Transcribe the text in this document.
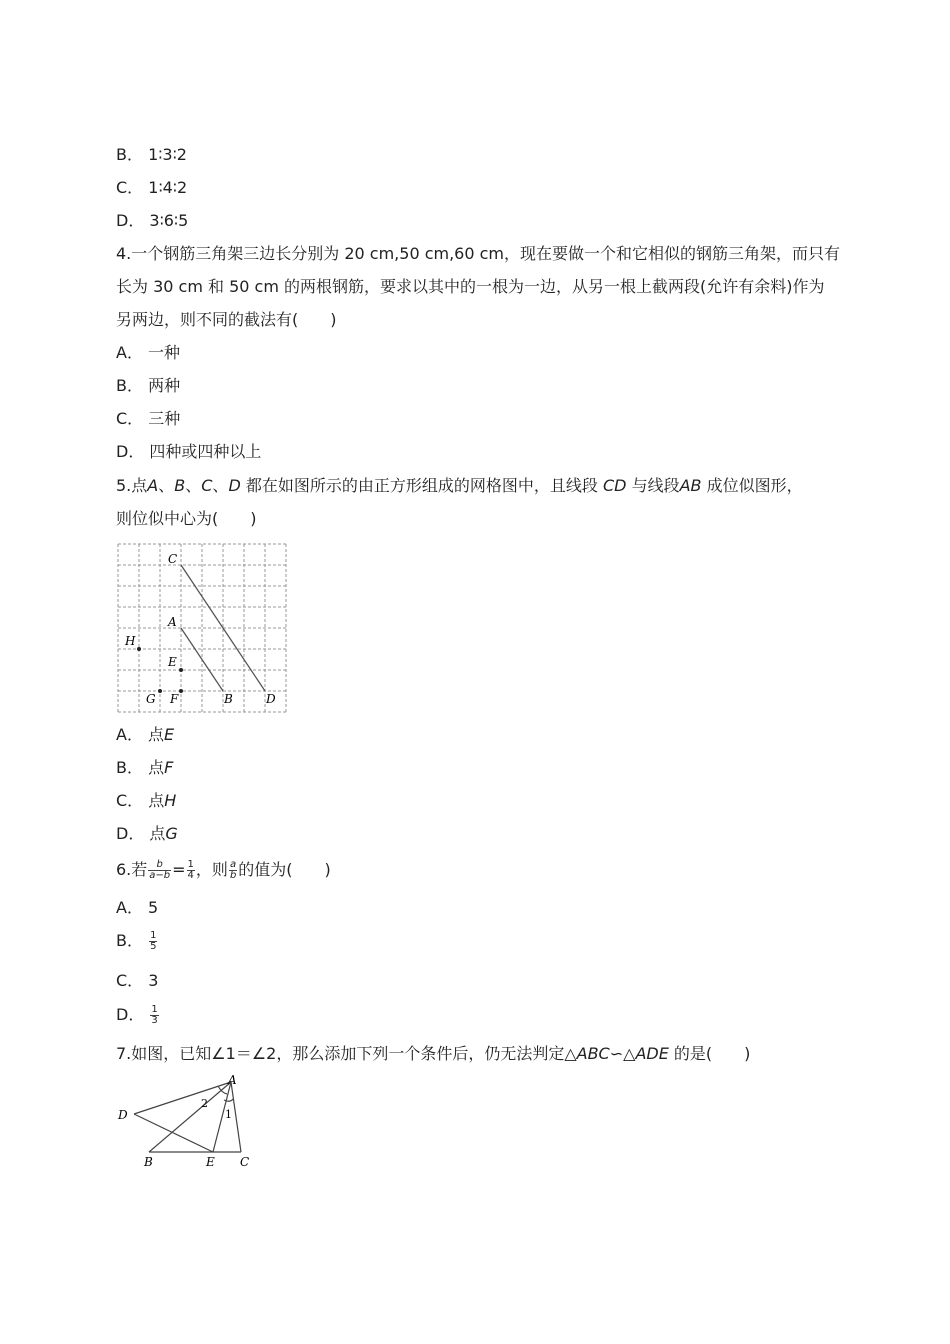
B． 1∶3∶2
C． 1∶4∶2
D． 3∶6∶5
4.一个钢筋三角架三边长分别为 20 cm,50 cm,60 cm，现在要做一个和它相似的钢筋三角架，而只有
长为 30 cm 和 50 cm 的两根钢筋，要求以其中的一根为一边，从另一根上截两段(允许有余料)作为
另两边，则不同的截法有(　　)
A． 一种
B． 两种
C． 三种
D． 四种或四种以上
5.点A、B、C、D 都在如图所示的由正方形组成的网格图中，且线段 CD 与线段AB 成位似图形，
则位似中心为(　　)
C
A
H
E
G F	B	D
A． 点E
B． 点F
C． 点H
D． 点G
6.若 $\frac{b}{a-b} = \frac{1}{4}$ ，则 $\frac{a}{b}$ 的值为(　　)
A． 5
B． $\frac{1}{5}$
C． 3
D． $\frac{1}{3}$
7.如图，已知∠1＝∠2，那么添加下列一个条件后，仍无法判定△ABC∽△ADE 的是(　　)
A
D
B	E C
1
2
